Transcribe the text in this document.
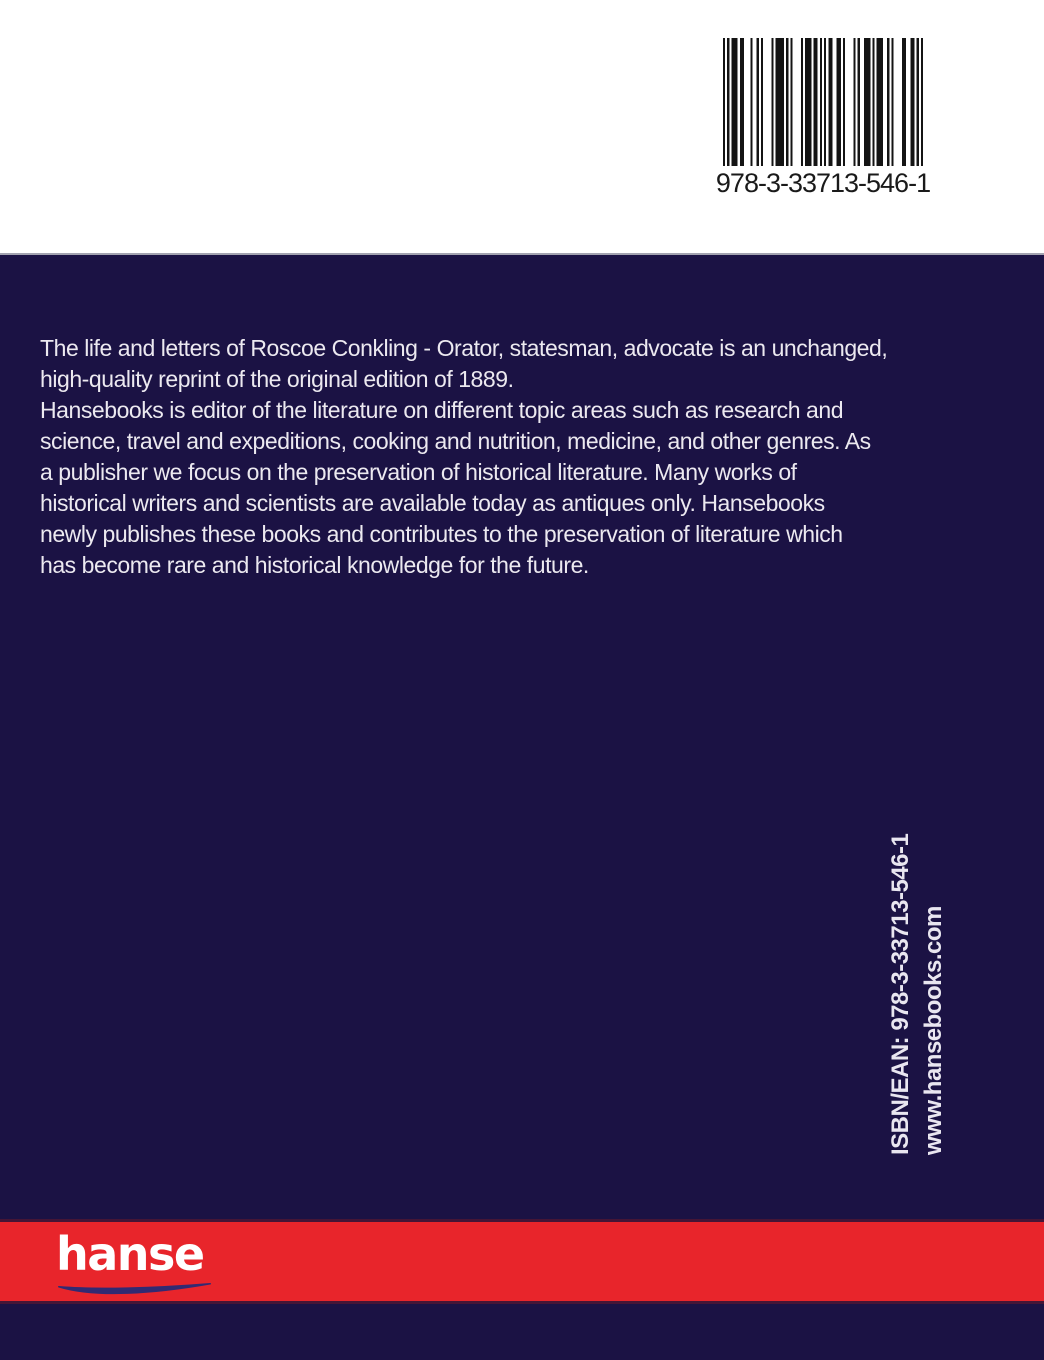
978-3-33713-546-1
The life and letters of Roscoe Conkling - Orator, statesman, advocate is an unchanged,
high-quality reprint of the original edition of 1889.
Hansebooks is editor of the literature on different topic areas such as research and
science, travel and expeditions, cooking and nutrition, medicine, and other genres. As
a publisher we focus on the preservation of historical literature. Many works of
historical writers and scientists are available today as antiques only. Hansebooks
newly publishes these books and contributes to the preservation of literature which
has become rare and historical knowledge for the future.
ISBN/EAN: 978-3-33713-546-1 www.hansebooks.com
hanse
